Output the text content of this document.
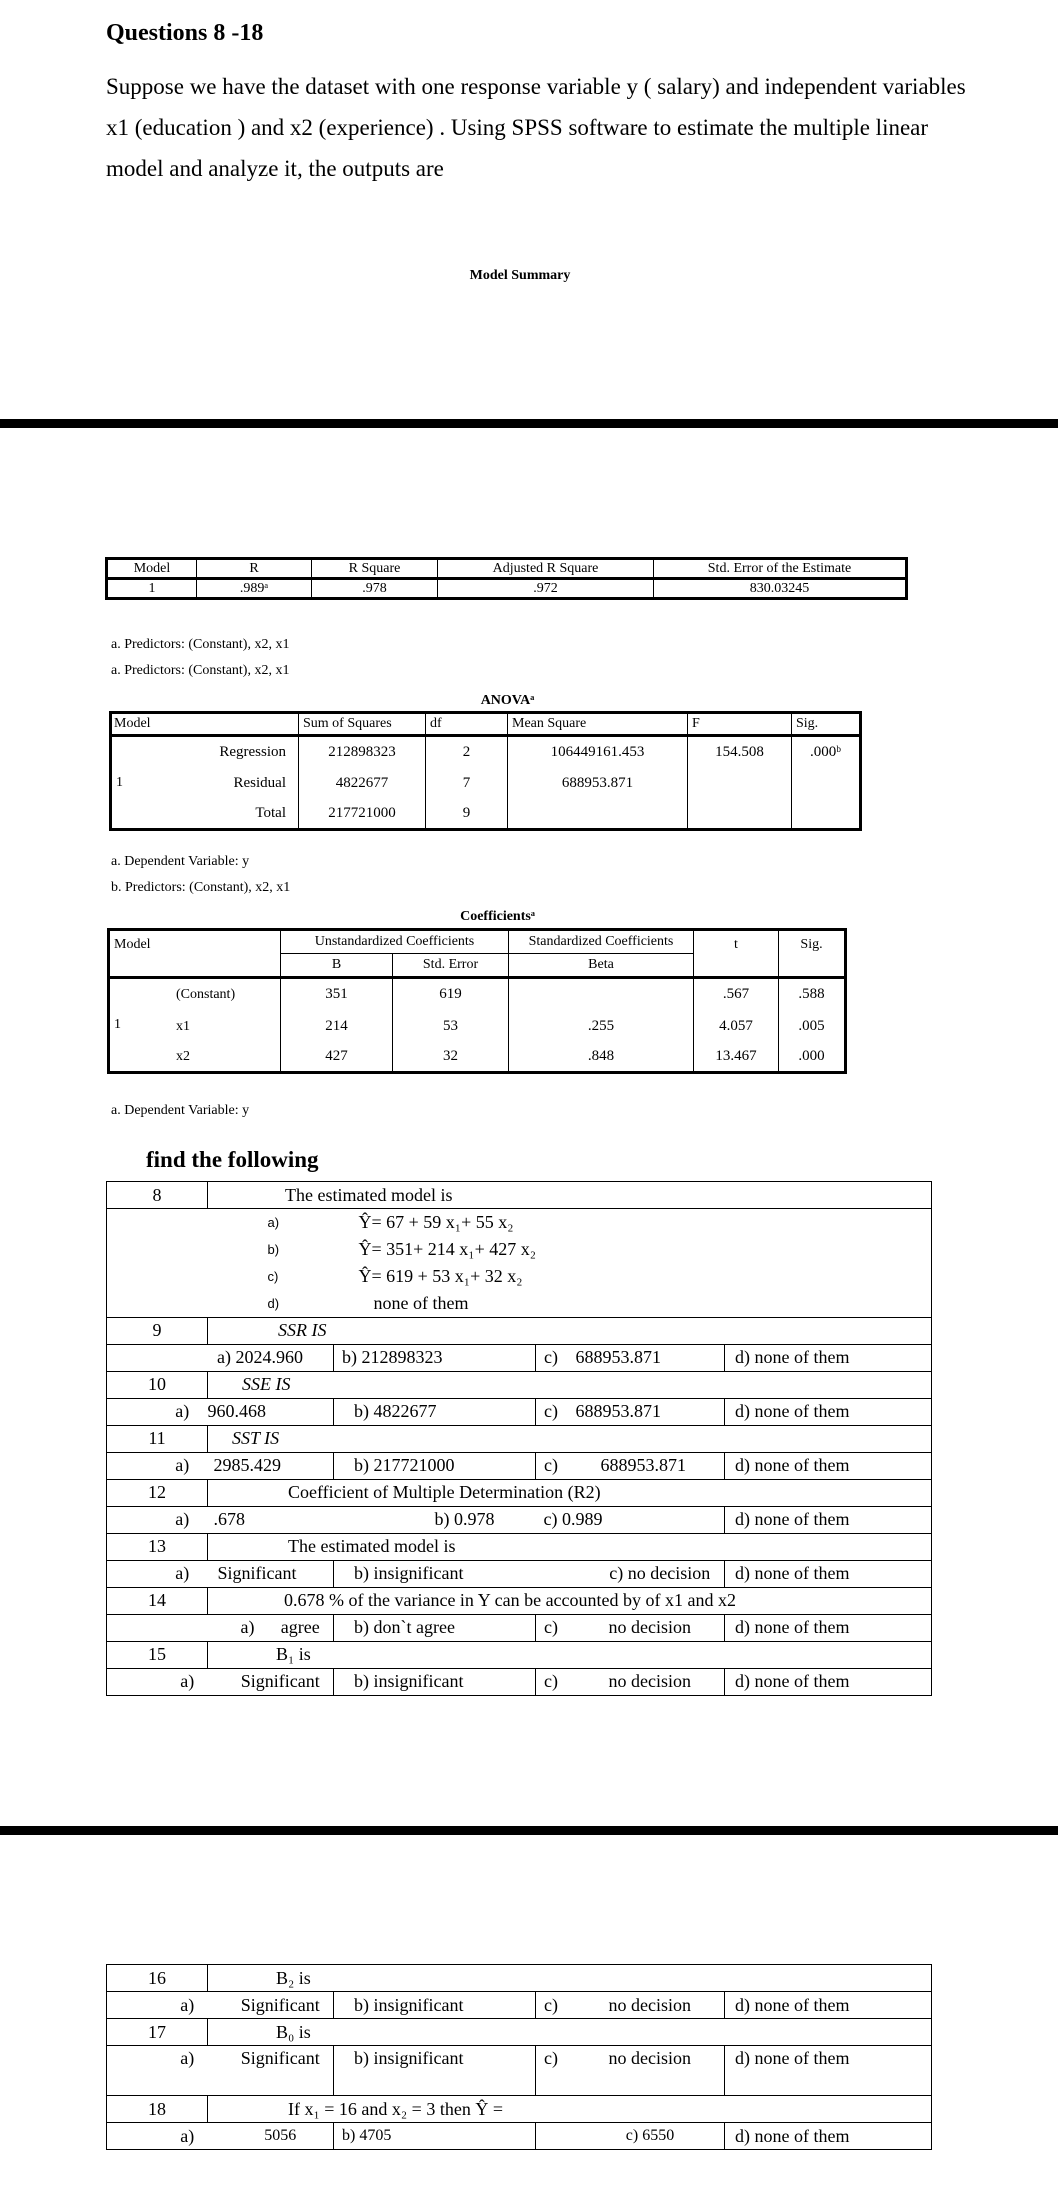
Questions 8 -18
Suppose we have the dataset with one response variable y ( salary) and independent variables x1 (education ) and x2 (experience) . Using SPSS software to estimate the multiple linear model and analyze it, the outputs are
Model Summary
Model	R	R Square	Adjusted R Square	Std. Error of the Estimate
1	.989ᵃ	.978	.972	830.03245
a. Predictors: (Constant), x2, x1
a. Predictors: (Constant), x2, x1
ANOVAᵃ
Model		Sum of Squares	df	Mean Square	F	Sig.
1	Regression	212898323	2	106449161.453	154.508	.000ᵇ
	Residual	4822677	7	688953.871		
	Total	217721000	9			
a. Dependent Variable: y
b. Predictors: (Constant), x2, x1
Coefficientsᵃ
Model		Unstandardized Coefficients		Standardized Coefficients	t	Sig.
		B	Std. Error	Beta		
1	(Constant)	351	619		.567	.588
	x1	214	53	.255	4.057	.005
	x2	427	32	.848	13.467	.000
a. Dependent Variable: y
find the following
8	The estimated model is					
		a)	Ŷ= 67 + 59 x₁+ 55 x₂			
		b)	Ŷ= 351+ 214 x₁+ 427 x₂			
		c)	Ŷ= 619 + 53 x₁+ 32 x₂			
		d)	none of them			
9	SSR IS					
a) 2024.960			b) 212898323	c)	688953.871	d) none of them
10	SSE IS					
a)	960.468		b) 4822677	c)	688953.871	d) none of them
11	SST IS					
a)	2985.429		b) 217721000	c)	688953.871	d) none of them
12	Coefficient of Multiple Determination (R2)					
a)	.678		b) 0.978	c) 0.989		d) none of them
13	The estimated model is					
a)	Significant		b) insignificant	c) no decision		d) none of them
14	0.678 % of the variance in Y can be accounted by of x1 and x2					
	a)	agree	b) don`t agree	c)	no decision	d) none of them
15	B₁ is					
a)	Significant		b) insignificant	c)	no decision	d) none of them
16	B₂ is				
a)	Significant	b) insignificant	c)	no decision	d) none of them
17	B₀ is				
a)	Significant	b) insignificant	c)	no decision	d) none of them
18	If x₁ = 16 and x₂ = 3 then Ŷ =				
a)	5056	b) 4705	c) 6550		d) none of them
